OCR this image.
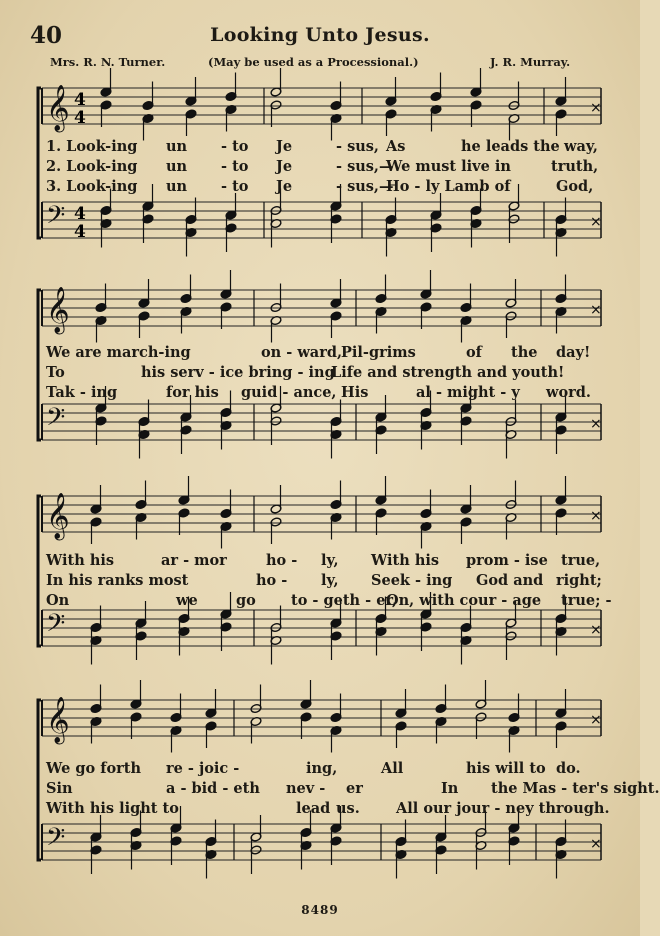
40	Looking Unto Jesus.
Mrs. R. N. Turner.	(May be used as a Processional.)	J. R. Murray.
𝄞 4
4	×
𝄢 4
4	×
1. Look-ing un - to Je	- sus, As	he leads the way,
2. Look-ing un - to Je	- sus,—
We must live in	truth,
3. Look-ing un - to Je	- sus,—
Ho - ly Lamb of	God,
𝄞	×
𝄢	×
We are march-ing	on - ward,
Pil-grims	of the day!
To	his serv - ice bring - ing
Life and strength and youth!
Tak - ing	for his guid - ance, His	al - might - y word.
𝄞	×
𝄢	×
With his	ar - mor	ho - ly, With his prom - ise true,
In his ranks most	ho - ly, Seek - ing God and right;
On	we	go to - geth - er,
On, with cour - age true; -
𝄞	×
𝄢	×
We go forth re - joic -	ing,	All	his will to do.
Sin	a - bid - eth nev - er	In the Mas - ter's sight.
With his light to	lead us. All our jour - ney through.
8489
